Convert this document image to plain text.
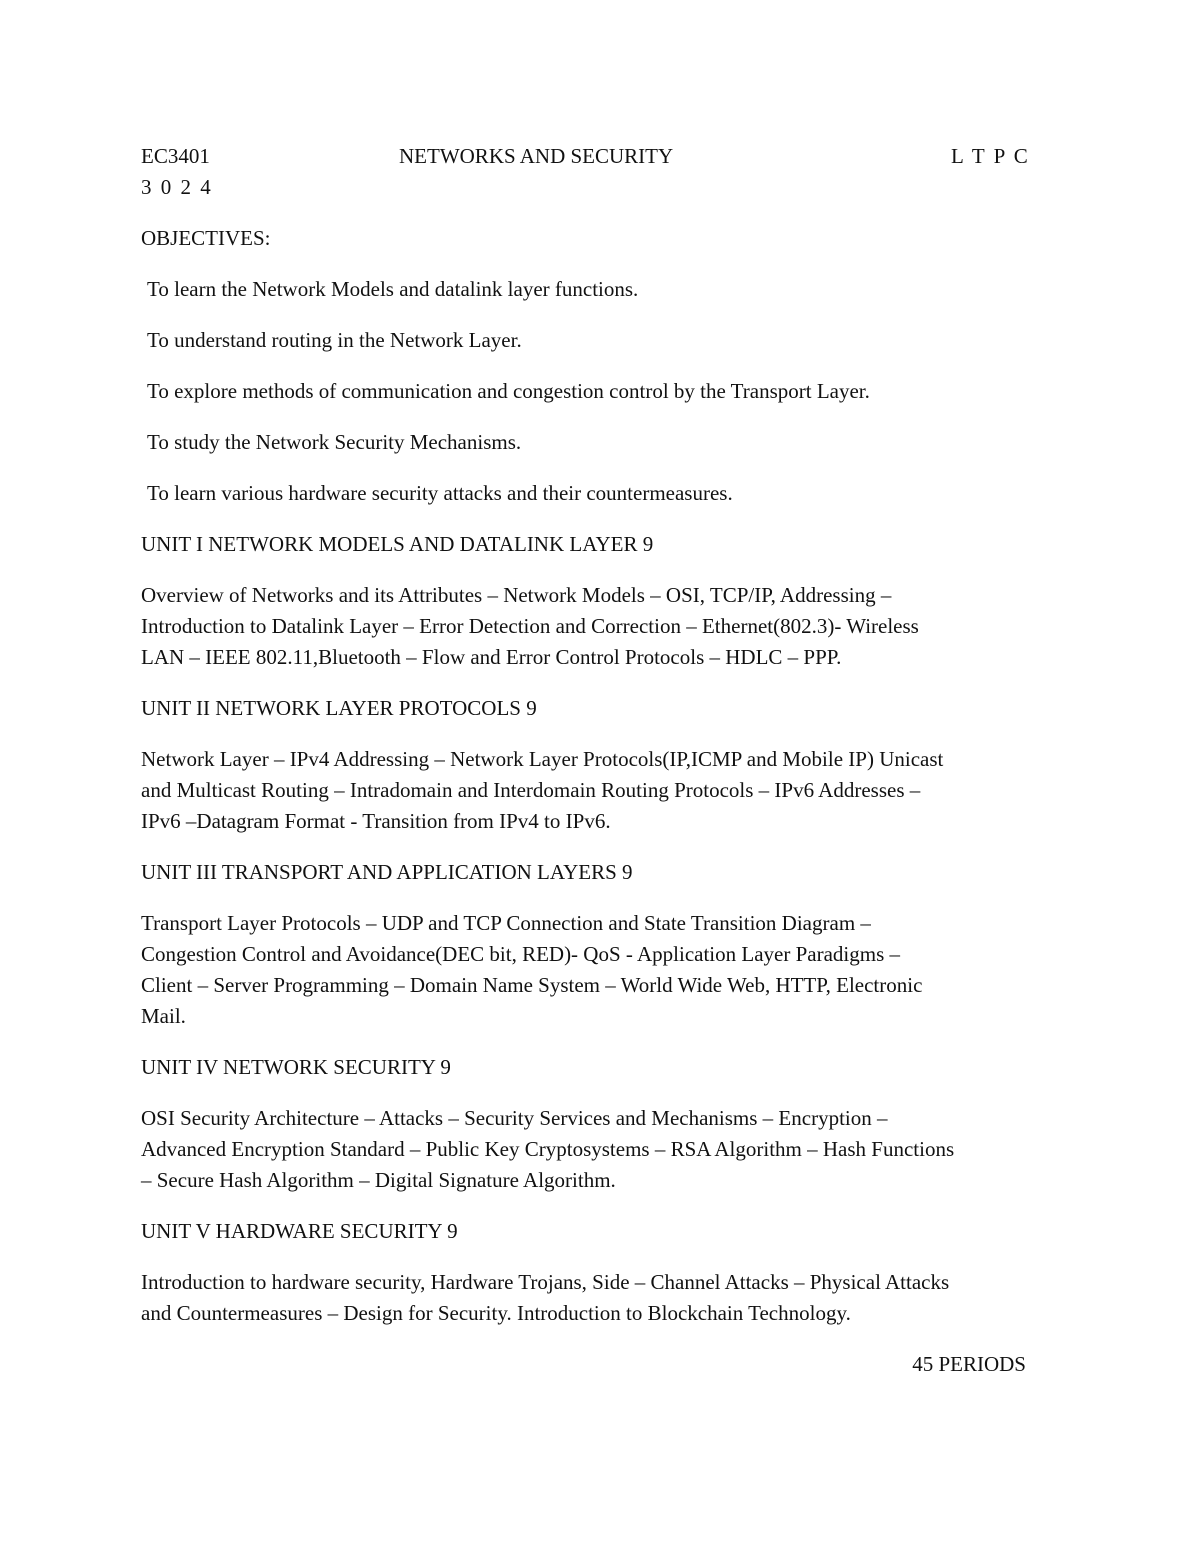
EC3401	NETWORKS AND SECURITY	L T P C
3 0 2 4
OBJECTIVES:
To learn the Network Models and datalink layer functions.
To understand routing in the Network Layer.
To explore methods of communication and congestion control by the Transport Layer.
To study the Network Security Mechanisms.
To learn various hardware security attacks and their countermeasures.
UNIT I NETWORK MODELS AND DATALINK LAYER 9
Overview of Networks and its Attributes – Network Models – OSI, TCP/IP, Addressing –
Introduction to Datalink Layer – Error Detection and Correction – Ethernet(802.3)- Wireless
LAN – IEEE 802.11,Bluetooth – Flow and Error Control Protocols – HDLC – PPP.
UNIT II NETWORK LAYER PROTOCOLS 9
Network Layer – IPv4 Addressing – Network Layer Protocols(IP,ICMP and Mobile IP) Unicast
and Multicast Routing – Intradomain and Interdomain Routing Protocols – IPv6 Addresses –
IPv6 –Datagram Format - Transition from IPv4 to IPv6.
UNIT III TRANSPORT AND APPLICATION LAYERS 9
Transport Layer Protocols – UDP and TCP Connection and State Transition Diagram –
Congestion Control and Avoidance(DEC bit, RED)- QoS - Application Layer Paradigms –
Client – Server Programming – Domain Name System – World Wide Web, HTTP, Electronic
Mail.
UNIT IV NETWORK SECURITY 9
OSI Security Architecture – Attacks – Security Services and Mechanisms – Encryption –
Advanced Encryption Standard – Public Key Cryptosystems – RSA Algorithm – Hash Functions
– Secure Hash Algorithm – Digital Signature Algorithm.
UNIT V HARDWARE SECURITY 9
Introduction to hardware security, Hardware Trojans, Side – Channel Attacks – Physical Attacks
and Countermeasures – Design for Security. Introduction to Blockchain Technology.
45 PERIODS
